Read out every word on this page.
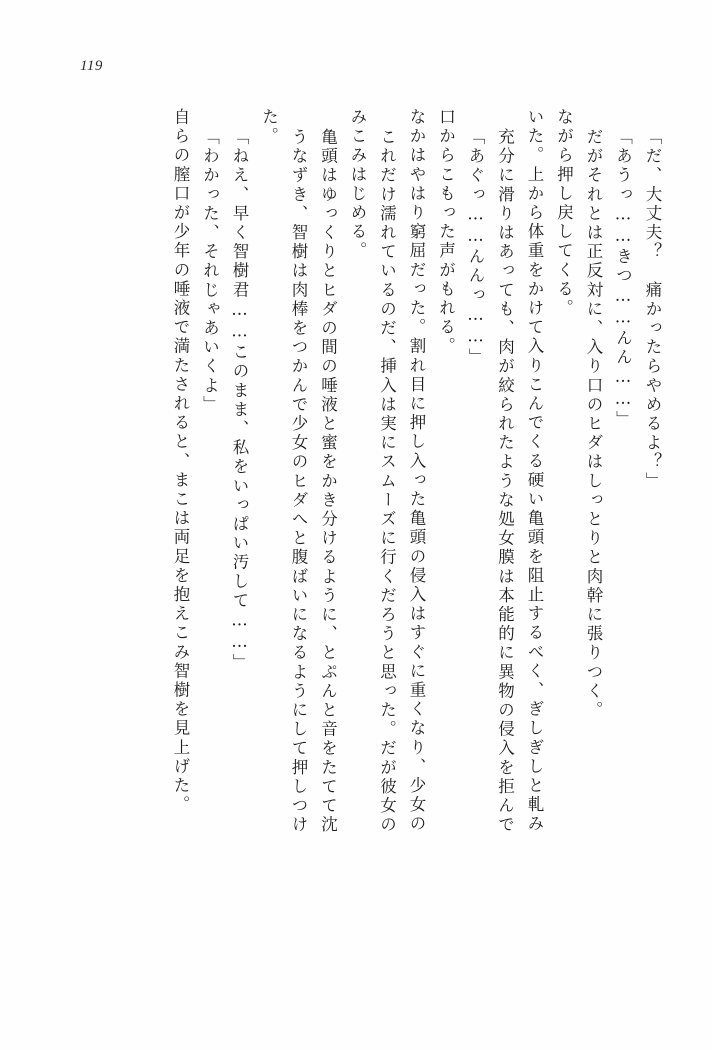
119
自らの膣口が少年の唾液で満たされると、まこは両足を抱えこみ智樹を見上げた。 「わかった、それじゃあいくよ」 「ねえ、早く智樹君……このまま、私をいっぱい汚して……」
た。
うなずき、智樹は肉棒をつかんで少女のヒダへと腹ばいになるようにして押しつけ 亀頭はゆっくりとヒダの間の唾液と蜜をかき分けるように、とぷんと音をたてて沈 みこみはじめる。 これだけ濡れているのだ、挿入は実にスムーズに行くだろうと思った。だが彼女の なかはやはり窮屈だった。割れ目に押し入った亀頭の侵入はすぐに重くなり、少女の 口からこもった声がもれる。 「あぐっ……んんっ……」 充分に滑りはあっても、肉が絞られたような処女膜は本能的に異物の侵入を拒んで いた。上から体重をかけて入りこんでくる硬い亀頭を阻止するべく、ぎしぎしと軋み ながら押し戻してくる。 だがそれとは正反対に、入り口のヒダはしっとりと肉幹に張りつく。 「あうっ……きつ……んん……」 「だ、大丈夫？　痛かったらやめるよ？」
